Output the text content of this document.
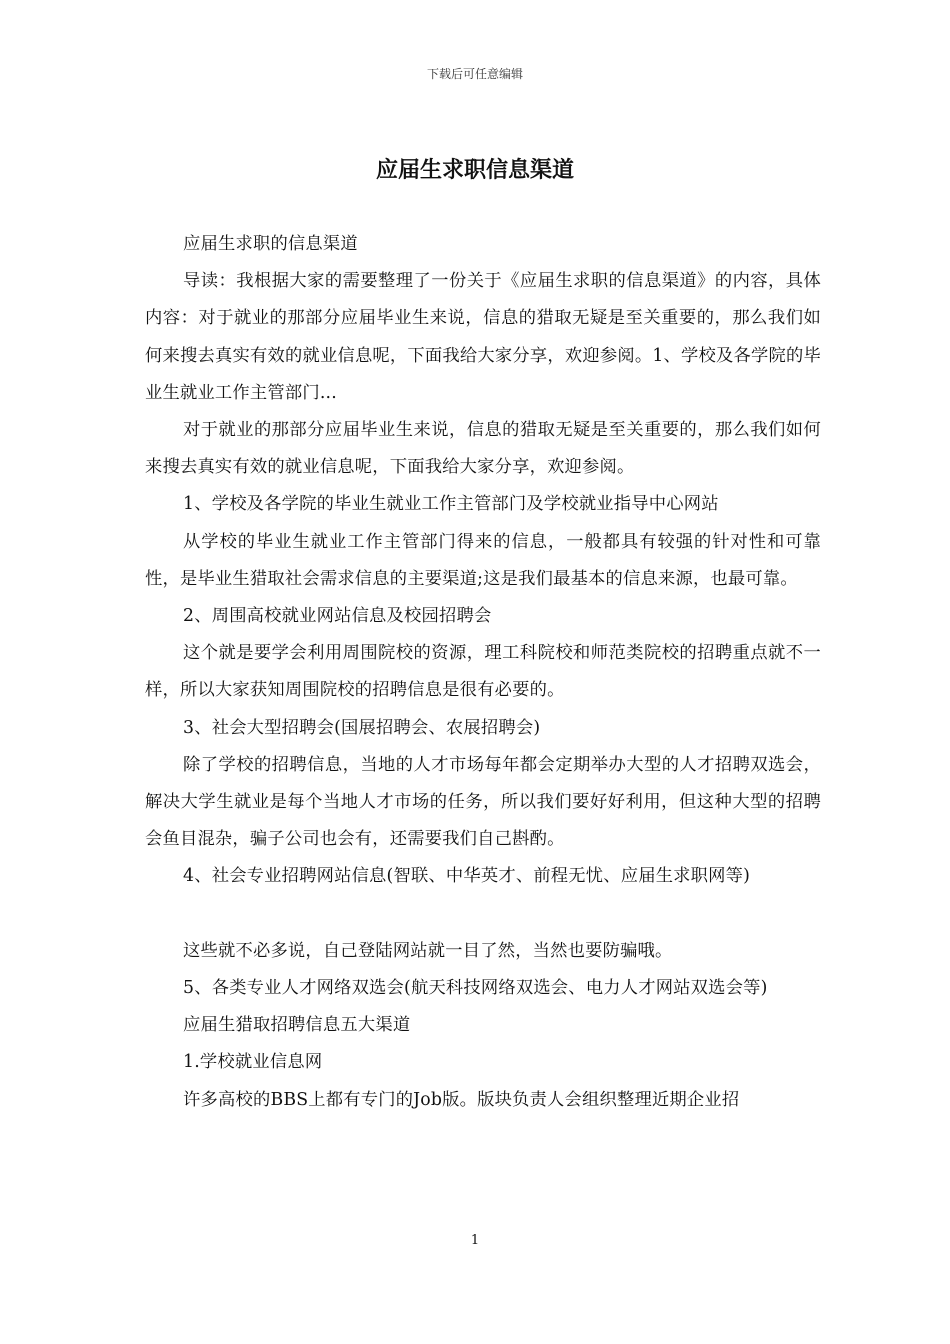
下载后可任意编辑
应届生求职信息渠道

应届生求职的信息渠道

导读：我根据大家的需要整理了一份关于《应届生求职的信息渠道》的内容，具体内容：对于就业的那部分应届毕业生来说，信息的猎取无疑是至关重要的，那么我们如何来搜去真实有效的就业信息呢，下面我给大家分享，欢迎参阅。1、学校及各学院的毕业生就业工作主管部门...

对于就业的那部分应届毕业生来说，信息的猎取无疑是至关重要的，那么我们如何来搜去真实有效的就业信息呢，下面我给大家分享，欢迎参阅。

1、学校及各学院的毕业生就业工作主管部门及学校就业指导中心网站

从学校的毕业生就业工作主管部门得来的信息，一般都具有较强的针对性和可靠性，是毕业生猎取社会需求信息的主要渠道;这是我们最基本的信息来源，也最可靠。

2、周围高校就业网站信息及校园招聘会

这个就是要学会利用周围院校的资源，理工科院校和师范类院校的招聘重点就不一样，所以大家获知周围院校的招聘信息是很有必要的。

3、社会大型招聘会(国展招聘会、农展招聘会)

除了学校的招聘信息，当地的人才市场每年都会定期举办大型的人才招聘双选会，解决大学生就业是每个当地人才市场的任务，所以我们要好好利用，但这种大型的招聘会鱼目混杂，骗子公司也会有，还需要我们自己斟酌。

4、社会专业招聘网站信息(智联、中华英才、前程无忧、应届生求职网等)

这些就不必多说，自己登陆网站就一目了然，当然也要防骗哦。

5、各类专业人才网络双选会(航天科技网络双选会、电力人才网站双选会等)

应届生猎取招聘信息五大渠道

1.学校就业信息网

许多高校的BBS上都有专门的Job版。版块负责人会组织整理近期企业招

1
